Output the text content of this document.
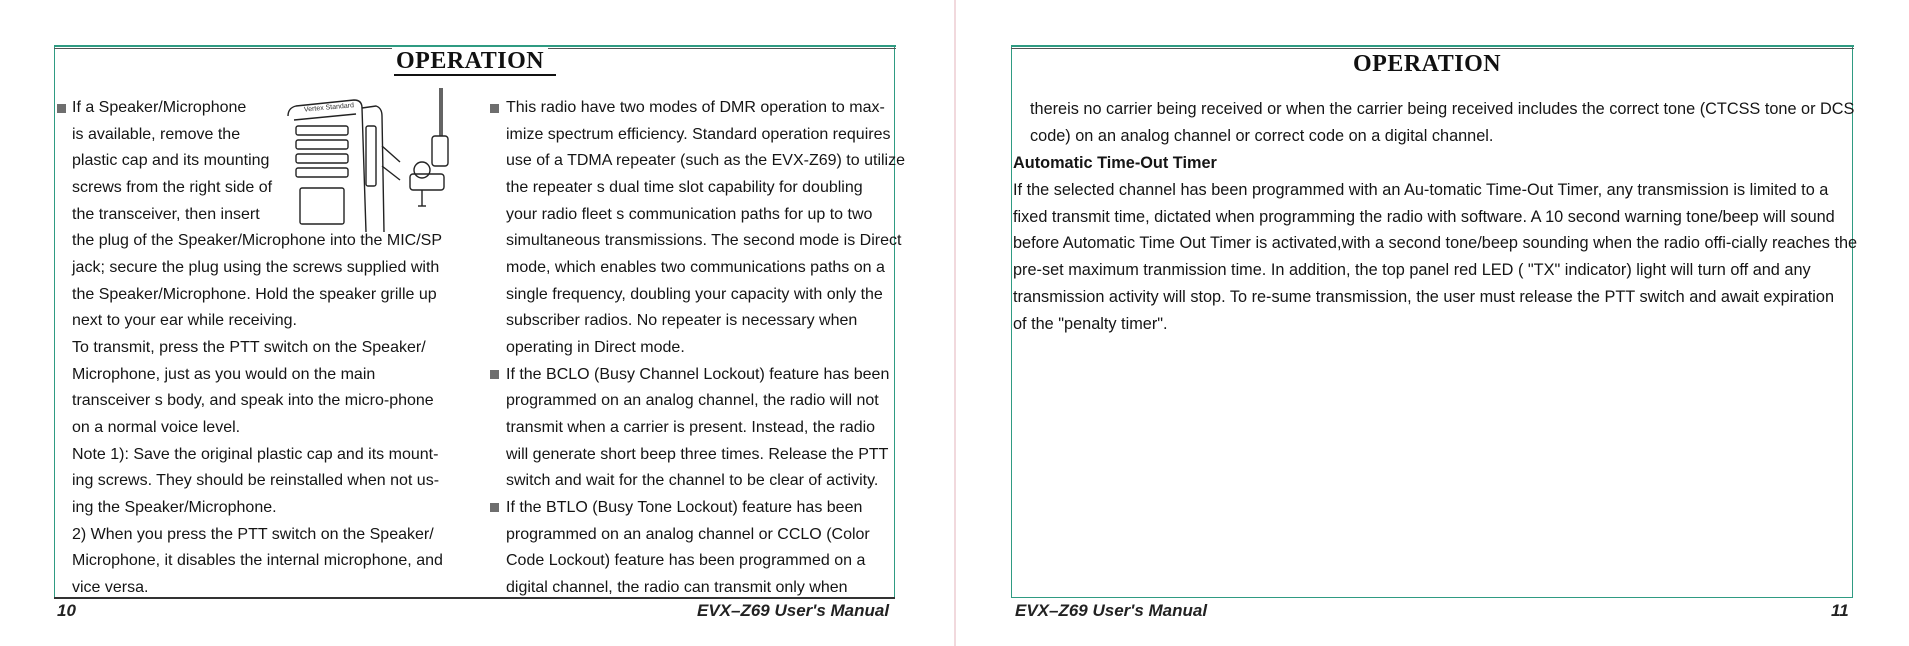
OPERATION
Vertex Standard
If a Speaker/Microphone
is available, remove the
plastic cap and its mounting
screws from the right side of
the transceiver, then insert
the plug of the Speaker/Microphone into the MIC/SP
jack; secure the plug using the screws supplied with
the Speaker/Microphone. Hold the speaker grille up
next to your ear while receiving.
To transmit, press the PTT switch on the Speaker/
Microphone, just as you would on the main
transceiver s body, and speak into the micro-phone
on a normal voice level.
Note 1): Save the original plastic cap and its mount-
ing screws. They should be reinstalled when not us-
ing the Speaker/Microphone.
2) When you press the PTT switch on the Speaker/
Microphone, it disables the internal microphone, and
vice versa.
This radio have two modes of DMR operation to max-
imize spectrum efficiency. Standard operation requires
use of a TDMA repeater (such as the EVX-Z69) to utilize
the repeater s dual time slot capability for doubling
your radio fleet s communication paths for up to two
simultaneous transmissions. The second mode is Direct
mode, which enables two communications paths on a
single frequency, doubling your capacity with only the
subscriber radios. No repeater is necessary when
operating in Direct mode.
If the BCLO (Busy Channel Lockout) feature has been
programmed on an analog channel, the radio will not
transmit when a carrier is present. Instead, the radio
will generate short beep three times. Release the PTT
switch and wait for the channel to be clear of activity.
If the BTLO (Busy Tone Lockout) feature has been
programmed on an analog channel or CCLO (Color
Code Lockout) feature has been programmed on a
digital channel, the radio can transmit only when
10	EVX–Z69 User's Manual
OPERATION
thereis no carrier being received or when the carrier being received includes the correct tone (CTCSS tone or DCS
code) on an analog channel or correct code on a digital channel.
Automatic Time-Out Timer
If the selected channel has been programmed with an Au-tomatic Time-Out Timer, any transmission is limited to a
fixed transmit time, dictated when programming the radio with software. A 10 second warning tone/beep will sound
before Automatic Time Out Timer is activated,with a second tone/beep sounding when the radio offi-cially reaches the
pre-set maximum tranmission time. In addition, the top panel red LED ( "TX" indicator) light will turn off and any
transmission activity will stop. To re-sume transmission, the user must release the PTT switch and await expiration
of the "penalty timer".
EVX–Z69 User's Manual	11
